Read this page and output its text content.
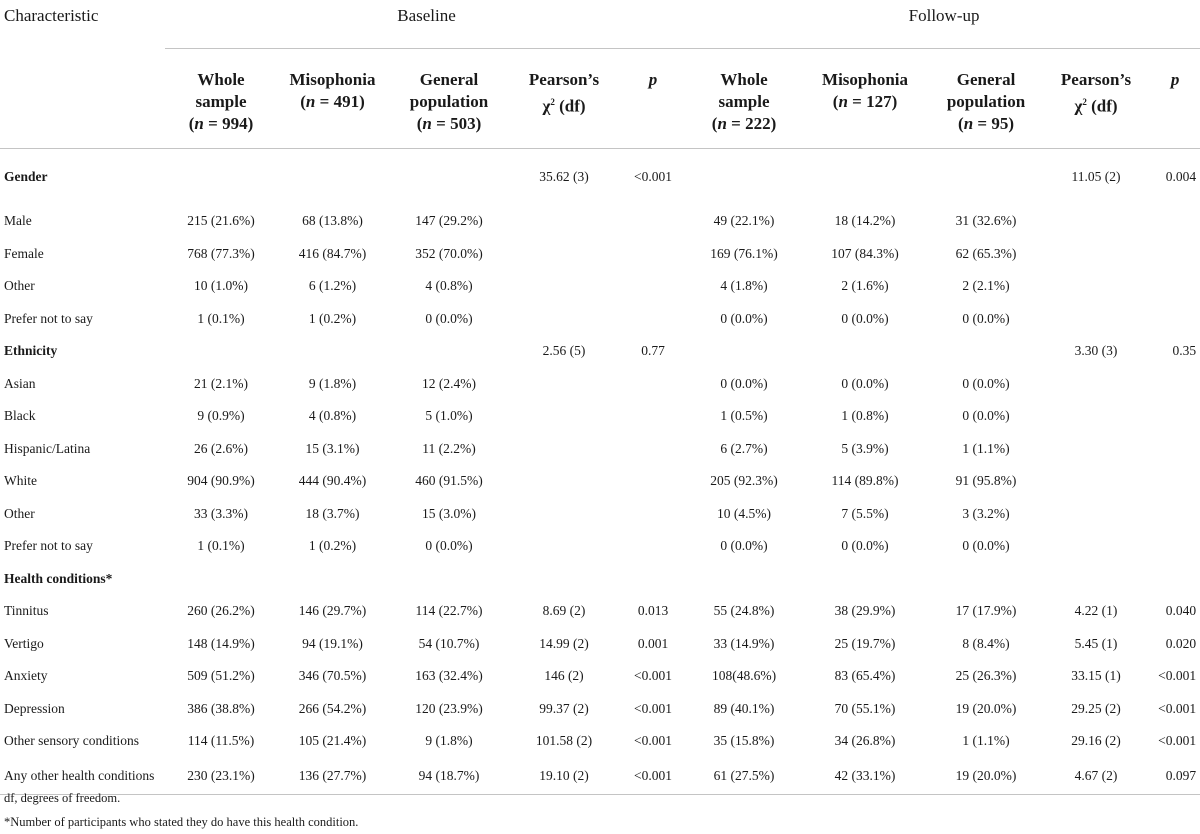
Characteristic	Baseline					Follow-up				
	Whole
sample
(n = 994)	Misophonia
(n = 491)	General
population
(n = 503)	Pearson’s
$\chi^2$ (df)	p	Whole
sample
(n = 222)	Misophonia
(n = 127)	General
population
(n = 95)	Pearson’s
$\chi^2$ (df)	p
Gender				35.62 (3)	<0.001				11.05 (2)	0.004
Male	215 (21.6%)	68 (13.8%)	147 (29.2%)			49 (22.1%)	18 (14.2%)	31 (32.6%)		
Female	768 (77.3%)	416 (84.7%)	352 (70.0%)			169 (76.1%)	107 (84.3%)	62 (65.3%)		
Other	10 (1.0%)	6 (1.2%)	4 (0.8%)			4 (1.8%)	2 (1.6%)	2 (2.1%)		
Prefer not to say	1 (0.1%)	1 (0.2%)	0 (0.0%)			0 (0.0%)	0 (0.0%)	0 (0.0%)		
Ethnicity				2.56 (5)	0.77				3.30 (3)	0.35
Asian	21 (2.1%)	9 (1.8%)	12 (2.4%)			0 (0.0%)	0 (0.0%)	0 (0.0%)		
Black	9 (0.9%)	4 (0.8%)	5 (1.0%)			1 (0.5%)	1 (0.8%)	0 (0.0%)		
Hispanic/Latina	26 (2.6%)	15 (3.1%)	11 (2.2%)			6 (2.7%)	5 (3.9%)	1 (1.1%)		
White	904 (90.9%)	444 (90.4%)	460 (91.5%)			205 (92.3%)	114 (89.8%)	91 (95.8%)		
Other	33 (3.3%)	18 (3.7%)	15 (3.0%)			10 (4.5%)	7 (5.5%)	3 (3.2%)		
Prefer not to say	1 (0.1%)	1 (0.2%)	0 (0.0%)			0 (0.0%)	0 (0.0%)	0 (0.0%)		
Health conditions*										
Tinnitus	260 (26.2%)	146 (29.7%)	114 (22.7%)	8.69 (2)	0.013	55 (24.8%)	38 (29.9%)	17 (17.9%)	4.22 (1)	0.040
Vertigo	148 (14.9%)	94 (19.1%)	54 (10.7%)	14.99 (2)	0.001	33 (14.9%)	25 (19.7%)	8 (8.4%)	5.45 (1)	0.020
Anxiety	509 (51.2%)	346 (70.5%)	163 (32.4%)	146 (2)	<0.001	108(48.6%)	83 (65.4%)	25 (26.3%)	33.15 (1)	<0.001
Depression	386 (38.8%)	266 (54.2%)	120 (23.9%)	99.37 (2)	<0.001	89 (40.1%)	70 (55.1%)	19 (20.0%)	29.25 (2)	<0.001
Other sensory conditions	114 (11.5%)	105 (21.4%)	9 (1.8%)	101.58 (2)	<0.001	35 (15.8%)	34 (26.8%)	1 (1.1%)	29.16 (2)	<0.001
Any other health conditions	230 (23.1%)	136 (27.7%)	94 (18.7%)	19.10 (2)	<0.001	61 (27.5%)	42 (33.1%)	19 (20.0%)	4.67 (2)	0.097
df, degrees of freedom.
*Number of participants who stated they do have this health condition.
